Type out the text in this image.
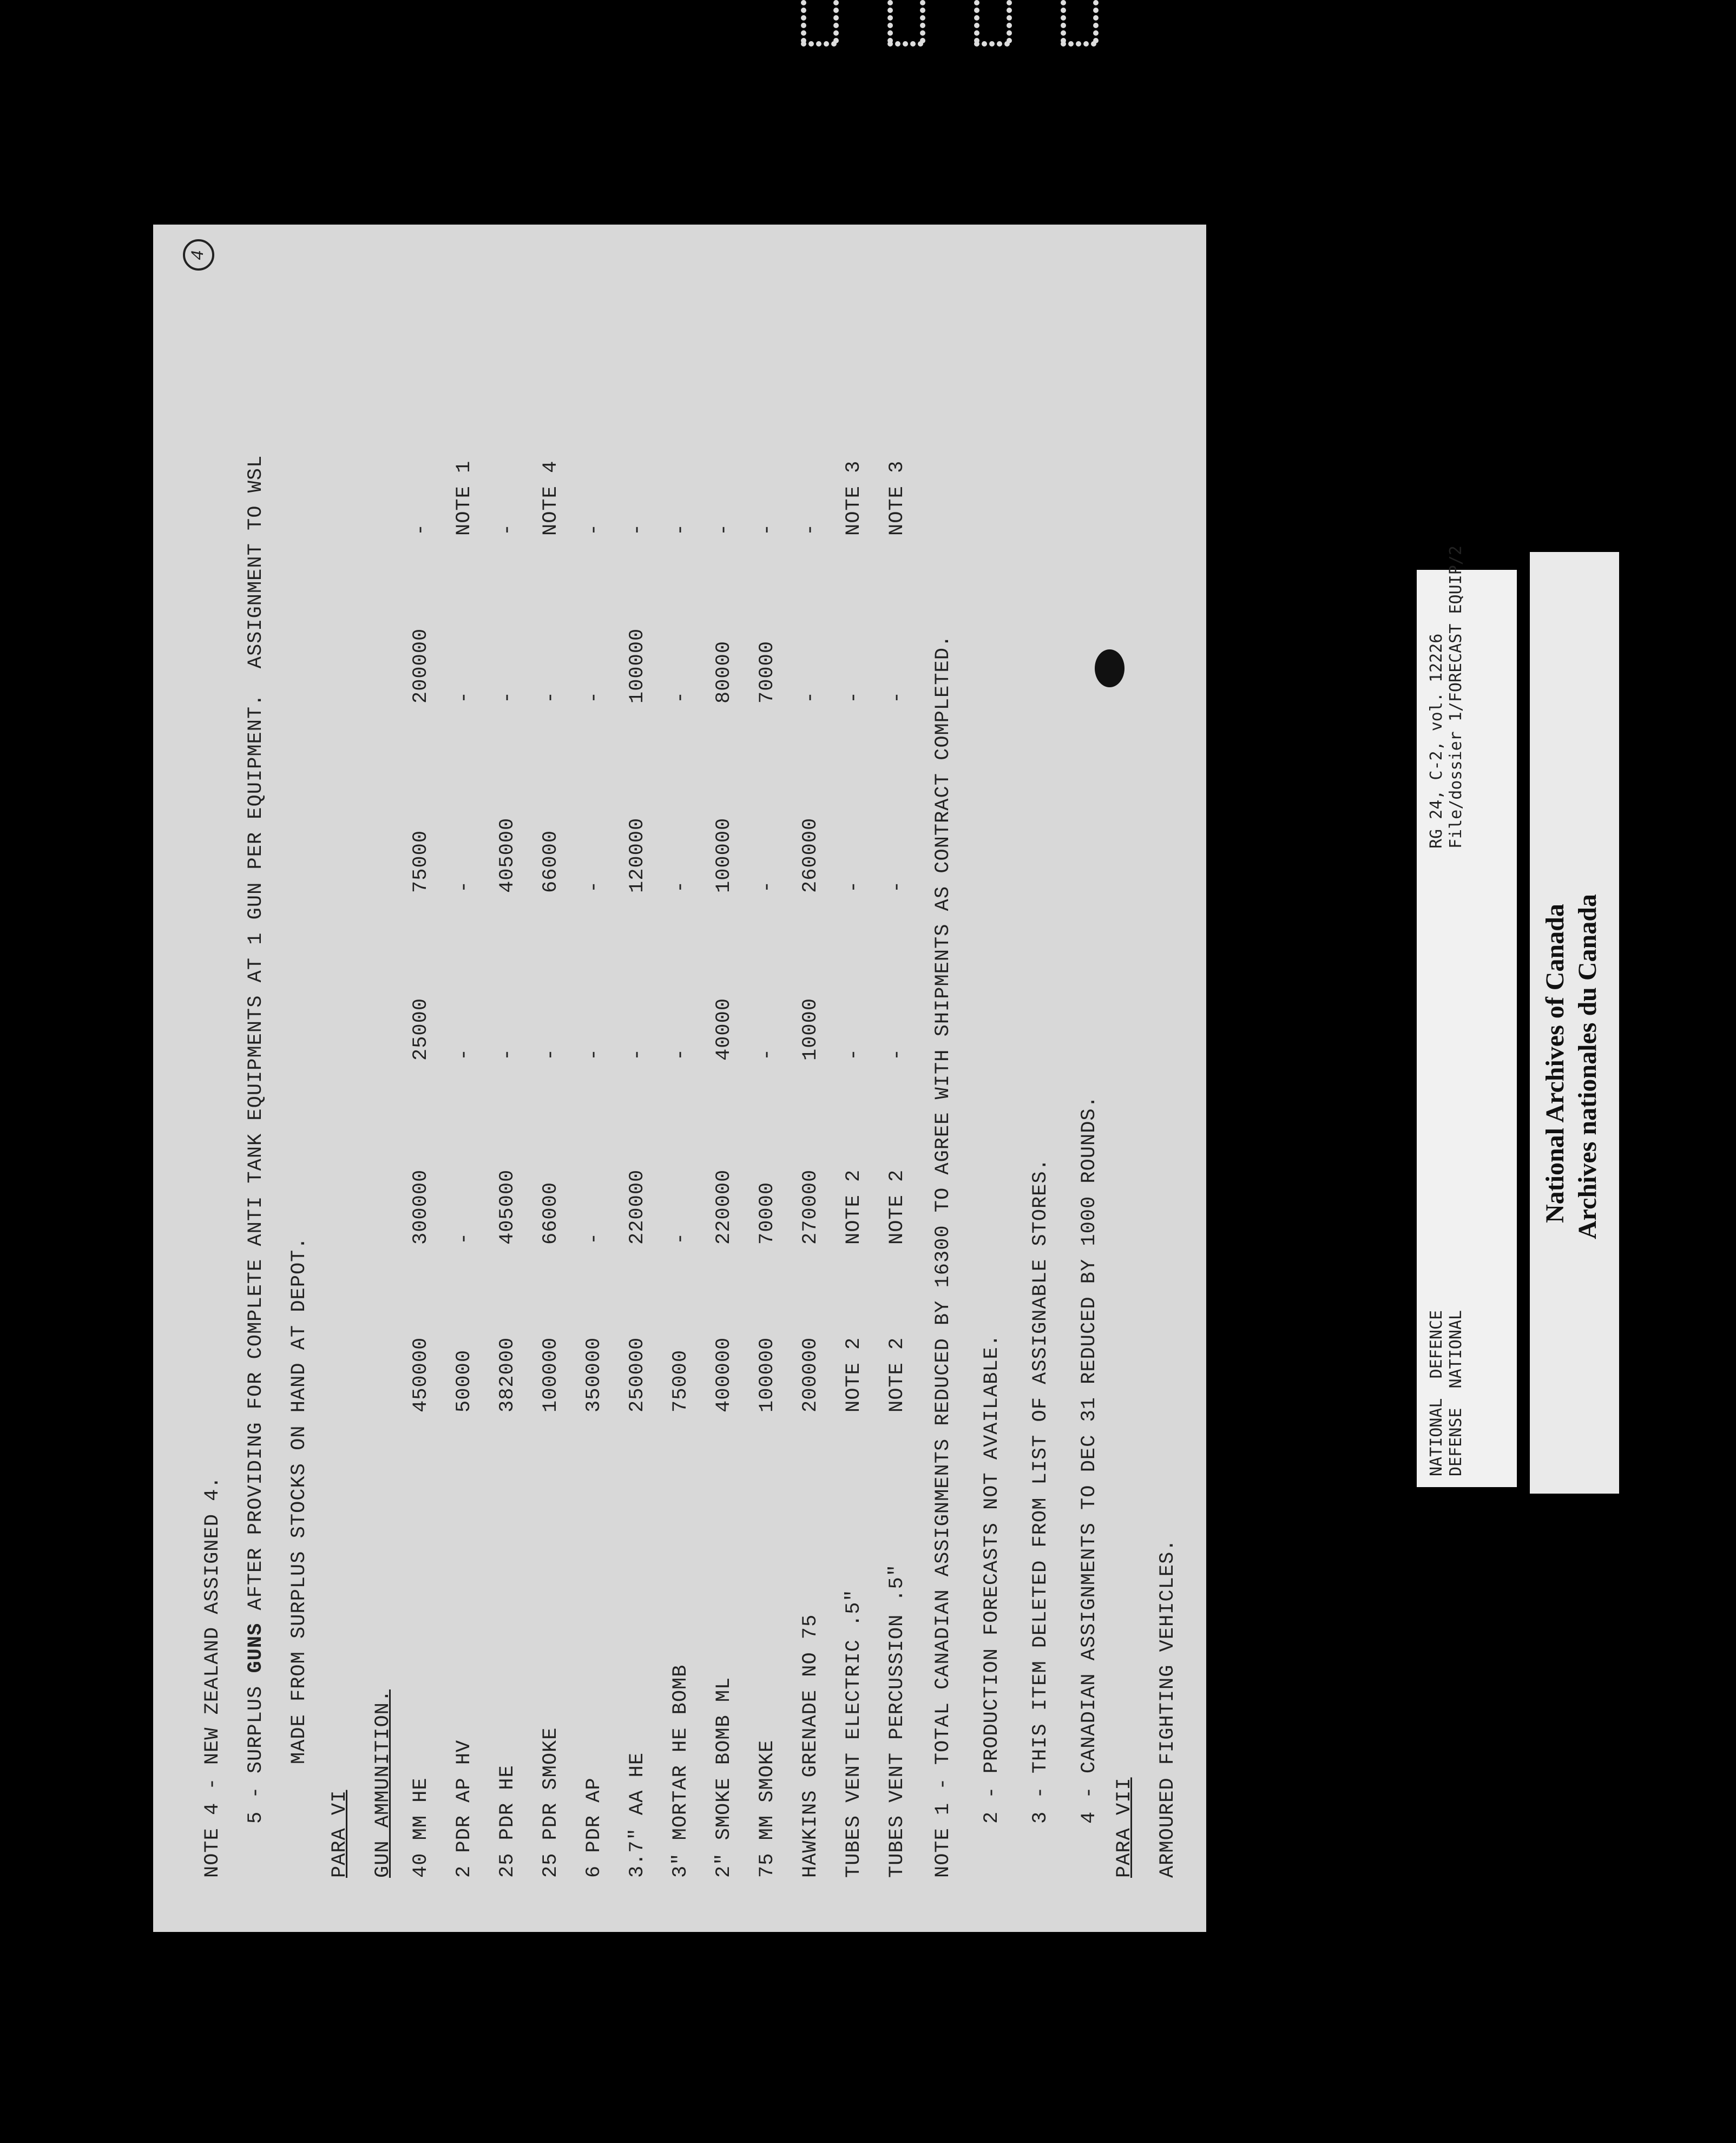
4
NOTE 4 - NEW ZEALAND ASSIGNED 4. 5 - SURPLUS GUNS AFTER PROVIDING FOR COMPLETE ANTI TANK EQUIPMENTS AT 1 GUN PER EQUIPMENT.  ASSIGNMENT TO WSL MADE FROM SURPLUS STOCKS ON HAND AT DEPOT.
PARA VI GUN AMMUNITION. 40 MM HE
450000
300000
25000
75000
200000
-
2 PDR AP HV
50000
-
-
-
-
NOTE 1
25 PDR HE
382000
405000
-
405000
-
-
25 PDR SMOKE
100000
66000
-
66000
-
NOTE 4
6 PDR AP
350000
-
-
-
-
-
3.7" AA HE
250000
220000
-
120000
100000
-
3" MORTAR HE BOMB
75000
-
-
-
-
-
2" SMOKE BOMB ML
400000
220000
40000
100000
80000
-
75 MM SMOKE
100000
70000
-
-
70000
-
HAWKINS GRENADE NO 75
200000
270000
10000
260000
-
-
TUBES VENT ELECTRIC .5"
NOTE 2
NOTE 2
-
-
-
NOTE 3
TUBES VENT PERCUSSION .5"
NOTE 2
NOTE 2
-
-
-
NOTE 3
NOTE 1 - TOTAL CANADIAN ASSIGNMENTS REDUCED BY 16300 TO AGREE WITH SHIPMENTS AS CONTRACT COMPLETED. 2 - PRODUCTION FORECASTS NOT AVAILABLE. 3 - THIS ITEM DELETED FROM LIST OF ASSIGNABLE STORES. 4 - CANADIAN ASSIGNMENTS TO DEC 31 REDUCED BY 1000 ROUNDS.
PARA VII ARMOURED FIGHTING VEHICLES.
NATIONAL  DEFENCE DEFENSE  NATIONAL
RG 24, C-2, vol. 12226 File/dossier 1/FORECAST EQUIP/2
National Archives of Canada Archives nationales du Canada
